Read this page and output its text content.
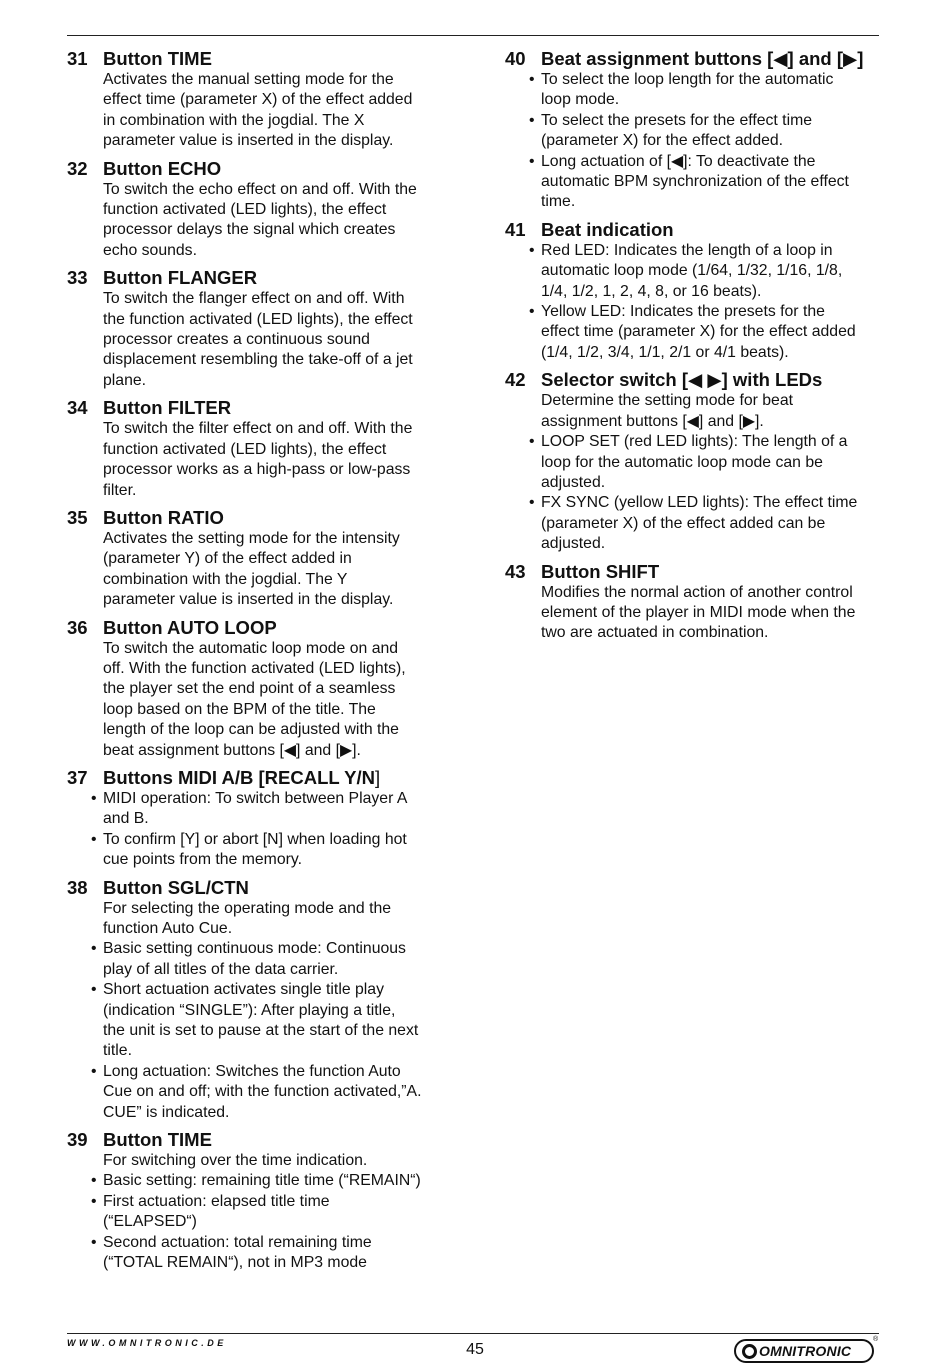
31 Button TIME
Activates the manual setting mode for the
effect time (parameter X) of the effect added
in combination with the jogdial. The X
parameter value is inserted in the display.
32 Button ECHO
To switch the echo effect on and off. With the
function activated (LED lights), the effect
processor delays the signal which creates
echo sounds.
33 Button FLANGER
To switch the flanger effect on and off. With
the function activated (LED lights), the effect
processor creates a continuous sound
displacement resembling the take-off of a jet
plane.
34 Button FILTER
To switch the filter effect on and off. With the
function activated (LED lights), the effect
processor works as a high-pass or low-pass
filter.
35 Button RATIO
Activates the setting mode for the intensity
(parameter Y) of the effect added in
combination with the jogdial. The Y
parameter value is inserted in the display.
36 Button AUTO LOOP
To switch the automatic loop mode on and
off. With the function activated (LED lights),
the player set the end point of a seamless
loop based on the BPM of the title. The
length of the loop can be adjusted with the
beat assignment buttons [◀] and [▶].
37 Buttons MIDI A/B [RECALL Y/N]
• MIDI operation: To switch between Player A
and B.
• To confirm [Y] or abort [N] when loading hot
cue points from the memory.
38 Button SGL/CTN
For selecting the operating mode and the
function Auto Cue.
• Basic setting continuous mode: Continuous
play of all titles of the data carrier.
• Short actuation activates single title play
(indication “SINGLE”): After playing a title,
the unit is set to pause at the start of the next
title.
• Long actuation: Switches the function Auto
Cue on and off; with the function activated,”A.
CUE” is indicated.
39 Button TIME
For switching over the time indication.
• Basic setting: remaining title time (“REMAIN“)
• First actuation: elapsed title time
(“ELAPSED“)
• Second actuation: total remaining time
(“TOTAL REMAIN“), not in MP3 mode
40 Beat assignment buttons [◀] and [▶]
• To select the loop length for the automatic
loop mode.
• To select the presets for the effect time
(parameter X) for the effect added.
• Long actuation of [◀]: To deactivate the
automatic BPM synchronization of the effect
time.
41 Beat indication
• Red LED: Indicates the length of a loop in
automatic loop mode (1/64, 1/32, 1/16, 1/8,
1/4, 1/2, 1, 2, 4, 8, or 16 beats).
• Yellow LED: Indicates the presets for the
effect time (parameter X) for the effect added
(1/4, 1/2, 3/4, 1/1, 2/1 or 4/1 beats).
42 Selector switch [◀ ▶] with LEDs
Determine the setting mode for beat
assignment buttons [◀] and [▶].
• LOOP SET (red LED lights): The length of a
loop for the automatic loop mode can be
adjusted.
• FX SYNC (yellow LED lights): The effect time
(parameter X) of the effect added can be
adjusted.
43 Button SHIFT
Modifies the normal action of another control
element of the player in MIDI mode when the
two are actuated in combination.
WWW.OMNITRONIC.DE	45	OMNITRONIC
®
